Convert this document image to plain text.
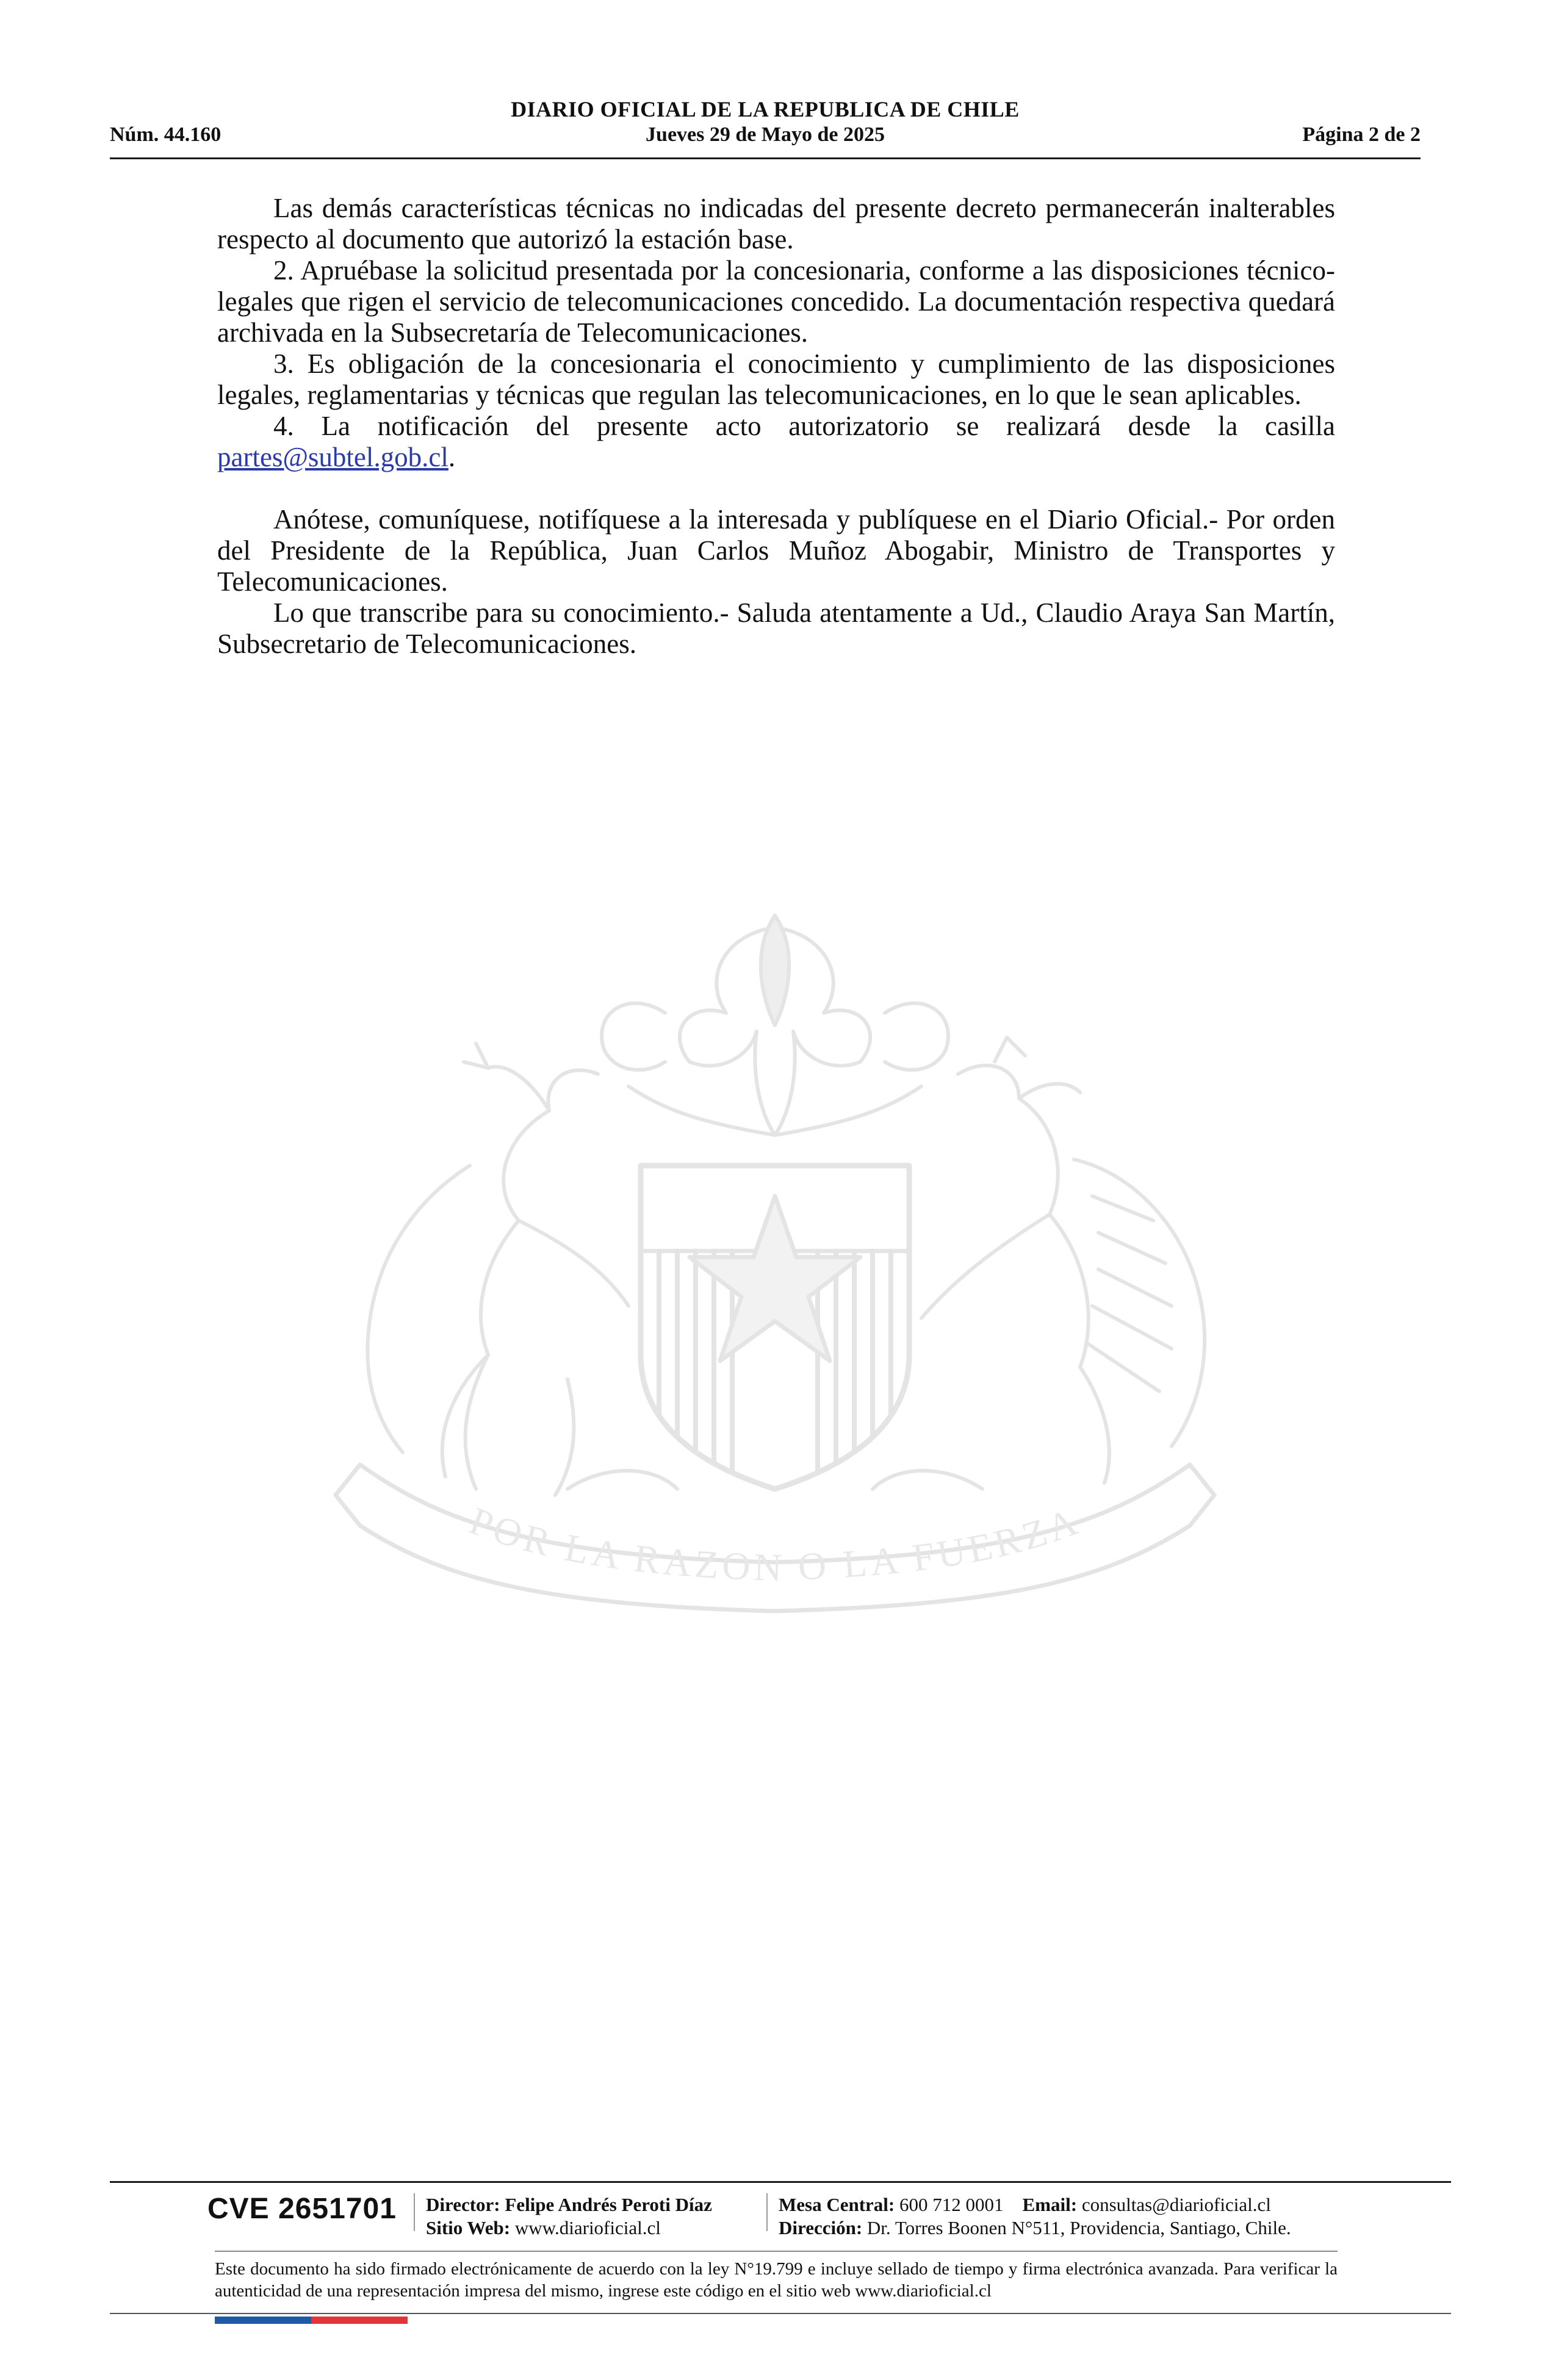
DIARIO OFICIAL DE LA REPUBLICA DE CHILE
Núm. 44.160	Jueves 29 de Mayo de 2025	Página 2 de 2

Las demás características técnicas no indicadas del presente decreto permanecerán inalterables respecto al documento que autorizó la estación base.

2. Apruébase la solicitud presentada por la concesionaria, conforme a las disposiciones técnico-legales que rigen el servicio de telecomunicaciones concedido. La documentación respectiva quedará archivada en la Subsecretaría de Telecomunicaciones.

3. Es obligación de la concesionaria el conocimiento y cumplimiento de las disposiciones legales, reglamentarias y técnicas que regulan las telecomunicaciones, en lo que le sean aplicables.

4. La notificación del presente acto autorizatorio se realizará desde la casilla partes@subtel.gob.cl.

Anótese, comuníquese, notifíquese a la interesada y publíquese en el Diario Oficial.- Por orden del Presidente de la República, Juan Carlos Muñoz Abogabir, Ministro de Transportes y Telecomunicaciones.

Lo que transcribe para su conocimiento.- Saluda atentamente a Ud., Claudio Araya San Martín, Subsecretario de Telecomunicaciones.

POR LA RAZON O LA FUERZA
CVE 2651701 Director: Felipe Andrés Peroti Díaz
Sitio Web: www.diarioficial.cl
Mesa Central: 600 712 0001 Email: consultas@diarioficial.cl
Dirección: Dr. Torres Boonen N°511, Providencia, Santiago, Chile.
Este documento ha sido firmado electrónicamente de acuerdo con la ley N°19.799 e incluye sellado de tiempo y firma electrónica avanzada. Para verificar la autenticidad de una representación impresa del mismo, ingrese este código en el sitio web www.diarioficial.cl
